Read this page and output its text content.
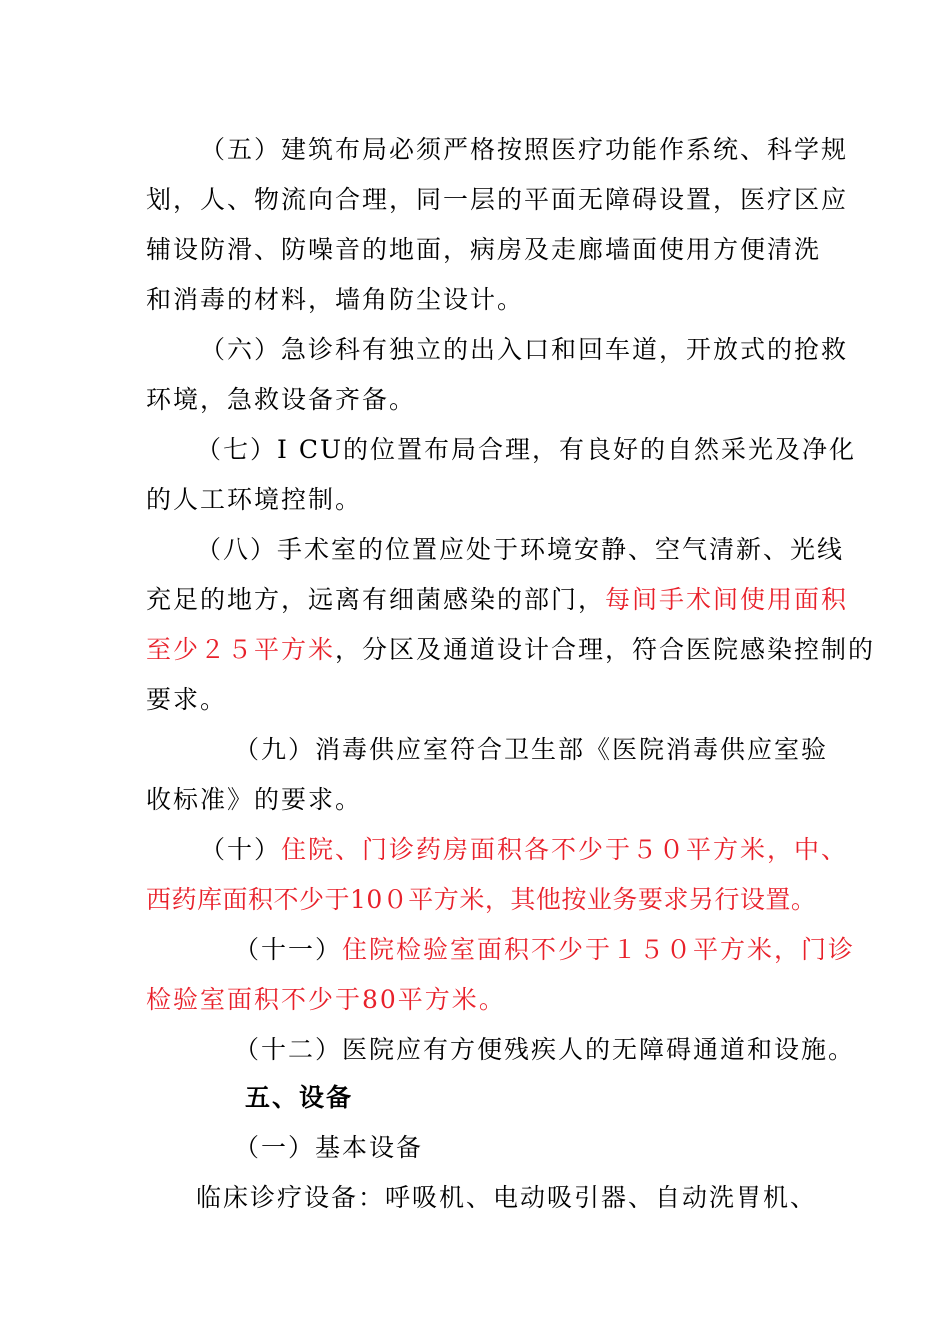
（五）建筑布局必须严格按照医疗功能作系统、科学规
划，人、物流向合理，同一层的平面无障碍设置，医疗区应
辅设防滑、防噪音的地面，病房及走廊墙面使用方便清洗
和消毒的材料，墙角防尘设计。
（六）急诊科有独立的出入口和回车道，开放式的抢救
环境，急救设备齐备。
（七）I CU的位置布局合理，有良好的自然采光及净化
的人工环境控制。
（八）手术室的位置应处于环境安静、空气清新、光线
充足的地方，远离有细菌感染的部门，每间手术间使用面积
至少２５平方米，分区及通道设计合理，符合医院感染控制的
要求。
（九）消毒供应室符合卫生部《医院消毒供应室验
收标准》的要求。
（十）住院、门诊药房面积各不少于５０平方米，中、
西药库面积不少于10０平方米，其他按业务要求另行设置。
（十一）住院检验室面积不少于１５０平方米，门诊
检验室面积不少于80平方米。
（十二）医院应有方便残疾人的无障碍通道和设施。
五、设备
（一）基本设备
临床诊疗设备：呼吸机、电动吸引器、自动洗胃机、
